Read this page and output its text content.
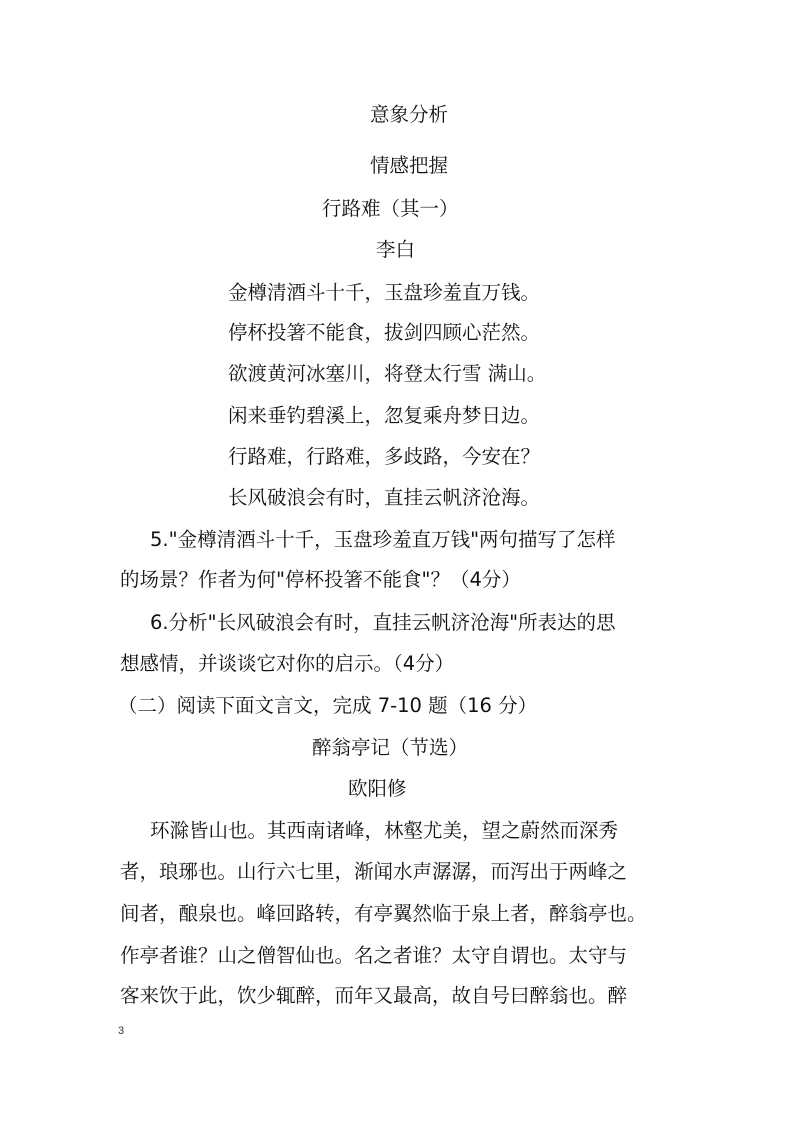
意象分析
情感把握
行路难（其一）
李白
金樽清酒斗十千，玉盘珍羞直万钱。
停杯投箸不能食，拔剑四顾心茫然。
欲渡黄河冰塞川，将登太行雪 满山。
闲来垂钓碧溪上，忽复乘舟梦日边。
行路难，行路难，多歧路，今安在？
长风破浪会有时，直挂云帆济沧海。
5."金樽清酒斗十千，玉盘珍羞直万钱"两句描写了怎样
的场景？作者为何"停杯投箸不能食"？（4分）
6.分析"长风破浪会有时，直挂云帆济沧海"所表达的思
想感情，并谈谈它对你的启示。（4分）
（二）阅读下面文言文，完成 7-10 题（16 分）
醉翁亭记（节选）
欧阳修
环滁皆山也。其西南诸峰，林壑尤美，望之蔚然而深秀
者，琅琊也。山行六七里，渐闻水声潺潺，而泻出于两峰之
间者，酿泉也。峰回路转，有亭翼然临于泉上者，醉翁亭也。
作亭者谁？山之僧智仙也。名之者谁？太守自谓也。太守与
客来饮于此，饮少辄醉，而年又最高，故自号曰醉翁也。醉
3
